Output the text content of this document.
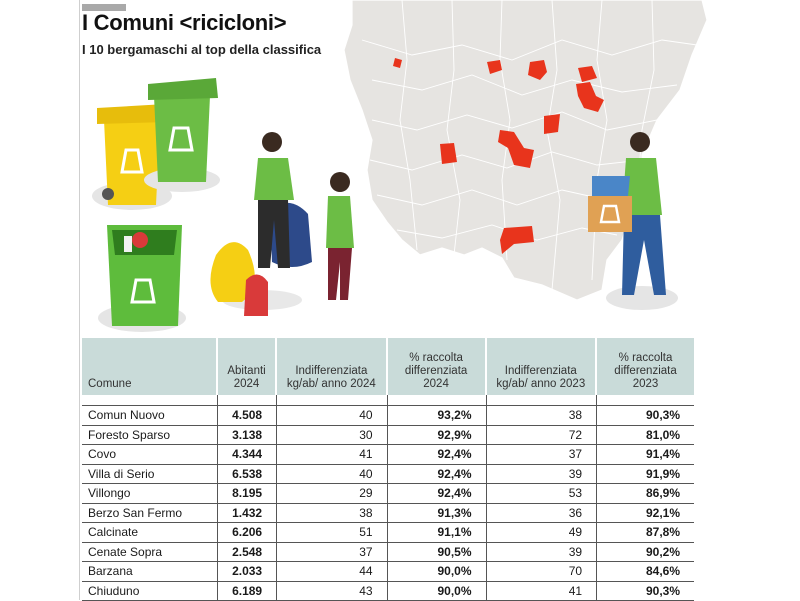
I Comuni <ricicloni>
I 10 bergamaschi al top della classifica
Comune	Abitanti 2024	Indifferenziata kg/ab/ anno 2024	% raccolta differenziata 2024	Indifferenziata kg/ab/ anno 2023	% raccolta differenziata 2023

Comun Nuovo	4.508	40	93,2%	38	90,3%
Foresto Sparso	3.138	30	92,9%	72	81,0%
Covo	4.344	41	92,4%	37	91,4%
Villa di Serio	6.538	40	92,4%	39	91,9%
Villongo	8.195	29	92,4%	53	86,9%
Berzo San Fermo	1.432	38	91,3%	36	92,1%
Calcinate	6.206	51	91,1%	49	87,8%
Cenate Sopra	2.548	37	90,5%	39	90,2%
Barzana	2.033	44	90,0%	70	84,6%
Chiuduno	6.189	43	90,0%	41	90,3%
